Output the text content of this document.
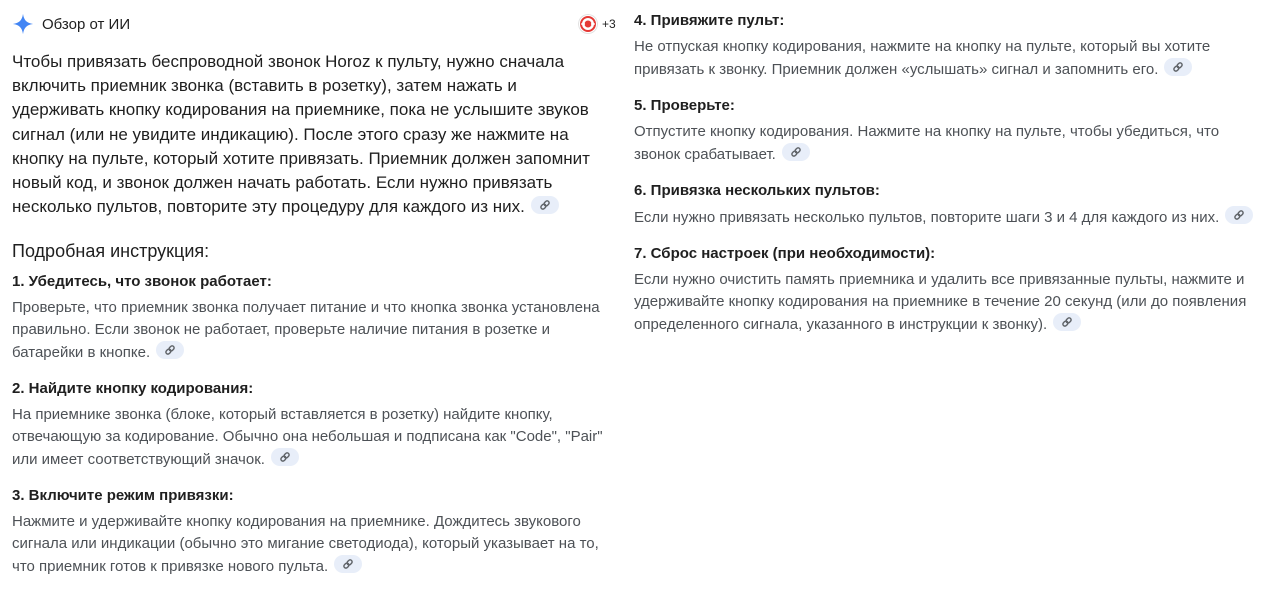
Обзор от ИИ	+3

Чтобы привязать беспроводной звонок Horoz к пульту, нужно сначала
включить приемник звонка (вставить в розетку), затем нажать и
удерживать кнопку кодирования на приемнике, пока не услышите звуков
сигнал (или не увидите индикацию). После этого сразу же нажмите на
кнопку на пульте, который хотите привязать. Приемник должен запомнит
новый код, и звонок должен начать работать. Если нужно привязать
несколько пультов, повторите эту процедуру для каждого из них.

Подробная инструкция:

1. Убедитесь, что звонок работает:

Проверьте, что приемник звонка получает питание и что кнопка звонка установлена правильно. Если звонок не работает, проверьте наличие питания в розетке и батарейки в кнопке.

2. Найдите кнопку кодирования:

На приемнике звонка (блоке, который вставляется в розетку) найдите кнопку, отвечающую за кодирование. Обычно она небольшая и подписана как "Code", "Pair" или имеет соответствующий значок.

3. Включите режим привязки:

Нажмите и удерживайте кнопку кодирования на приемнике. Дождитесь звукового сигнала или индикации (обычно это мигание светодиода), который указывает на то, что приемник готов к привязке нового пульта.

4. Привяжите пульт:

Не отпуская кнопку кодирования, нажмите на кнопку на пульте, который вы хотите привязать к звонку. Приемник должен «услышать» сигнал и запомнить его.

5. Проверьте:

Отпустите кнопку кодирования. Нажмите на кнопку на пульте, чтобы убедиться, что звонок срабатывает.

6. Привязка нескольких пультов:

Если нужно привязать несколько пультов, повторите шаги 3 и 4 для каждого из них.

7. Сброс настроек (при необходимости):

Если нужно очистить память приемника и удалить все привязанные пульты, нажмите и удерживайте кнопку кодирования на приемнике в течение 20 секунд (или до появления определенного сигнала, указанного в инструкции к звонку).
